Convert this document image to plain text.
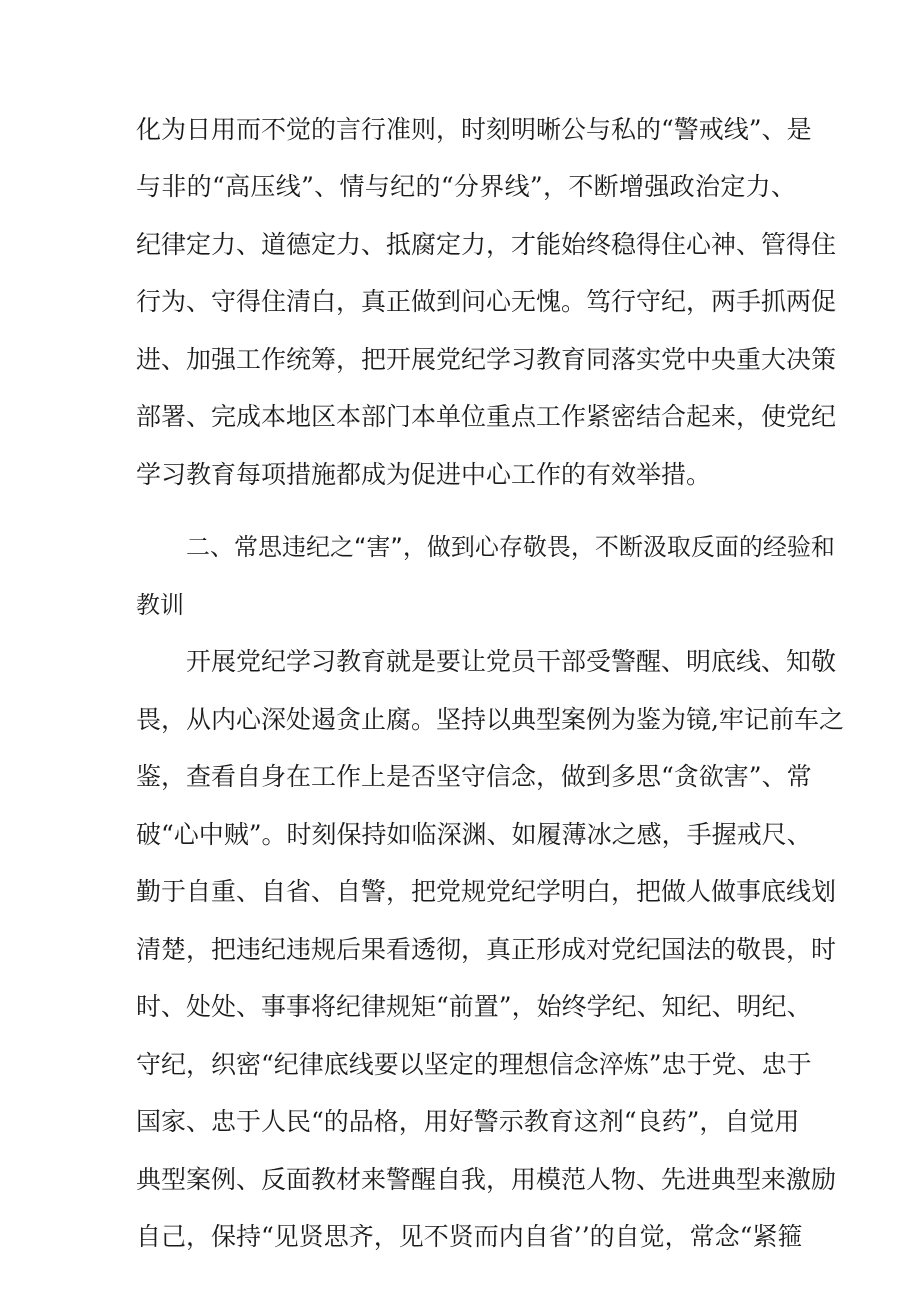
化为日用而不觉的言行准则，时刻明晰公与私的“警戒线”、是
与非的“高压线”、情与纪的“分界线”，不断增强政治定力、
纪律定力、道德定力、抵腐定力，才能始终稳得住心神、管得住
行为、守得住清白，真正做到问心无愧。笃行守纪，两手抓两促
进、加强工作统筹，把开展党纪学习教育同落实党中央重大决策
部署、完成本地区本部门本单位重点工作紧密结合起来，使党纪
学习教育每项措施都成为促进中心工作的有效举措。
二、常思违纪之“害”，做到心存敬畏，不断汲取反面的经验和
教训
开展党纪学习教育就是要让党员干部受警醒、明底线、知敬
畏，从内心深处遏贪止腐。坚持以典型案例为鉴为镜,牢记前车之
鉴，查看自身在工作上是否坚守信念，做到多思“贪欲害”、常
破“心中贼”。时刻保持如临深渊、如履薄冰之感，手握戒尺、
勤于自重、自省、自警，把党规党纪学明白，把做人做事底线划
清楚，把违纪违规后果看透彻，真正形成对党纪国法的敬畏，时
时、处处、事事将纪律规矩“前置”，始终学纪、知纪、明纪、
守纪，织密“纪律底线要以坚定的理想信念淬炼”忠于党、忠于
国家、忠于人民“的品格，用好警示教育这剂“良药”，自觉用
典型案例、反面教材来警醒自我，用模范人物、先进典型来激励
自己，保持“见贤思齐，见不贤而内自省’’的自觉，常念“紧箍
